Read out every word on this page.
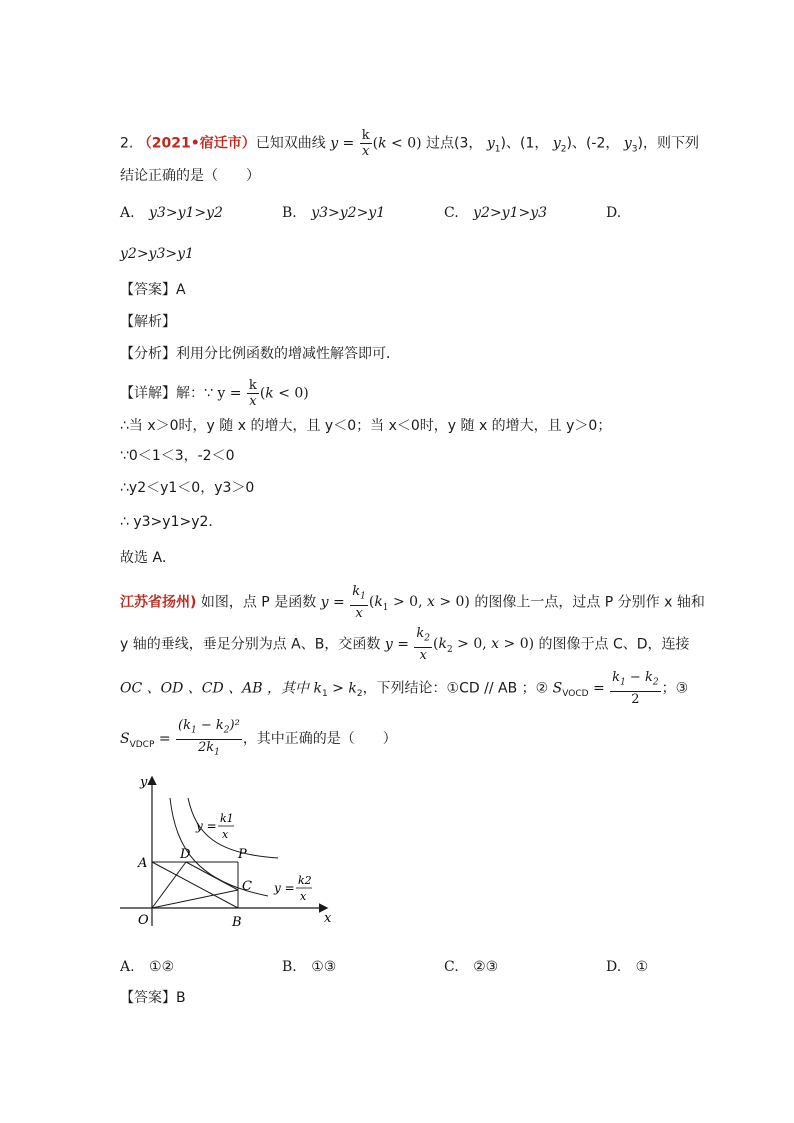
2. （2021•宿迁市）已知双曲线 $y = \frac{k}{x} (k < 0)$ 过点(3， $y_1$)、(1， $y_2$)、(-2， $y_3$)，则下列
结论正确的是（　　）
A. y3>y1>y2	B. y3>y2>y1	C. y2>y1>y3	D.
y2>y3>y1
【答案】A
【解析】
【分析】利用分比例函数的增减性解答即可．
【详解】解：∵ $y = \frac{k}{x} (k < 0)$
∴当 x＞0时，y 随 x 的增大，且 y＜0；当 x＜0时，y 随 x 的增大，且 y＞0；
∵0＜1＜3，-2＜0
∴y2＜y1＜0，y3＞0
∴ y3>y1>y2．
故选 A．
江苏省扬州) 如图，点 P 是函数 $y = \frac{k_1}{x} (k_1 > 0$, x > 0) 的图像上一点，过点 P 分别作 x 轴和
y 轴的垂线，垂足分别为点 A、B，交函数 $y = \frac{k_2}{x} (k_2 > 0$, x > 0) 的图像于点 C、D，连接
OC 、OD 、CD 、AB ，其中 $k_1 > k_2$，下列结论：①CD // AB ；② $S_{VOCD} = \frac{k_1 - k_2}{2}$ ；③
$S_{VDCP} = \frac{(k_1 - k_2)^2}{2k_1}$ ，其中正确的是（　　）
x
y
O
A
D	P
C
B
y =
k1
x
y =
k2
x
A. ①②	B. ①③	C. ②③	D. ①
【答案】B
